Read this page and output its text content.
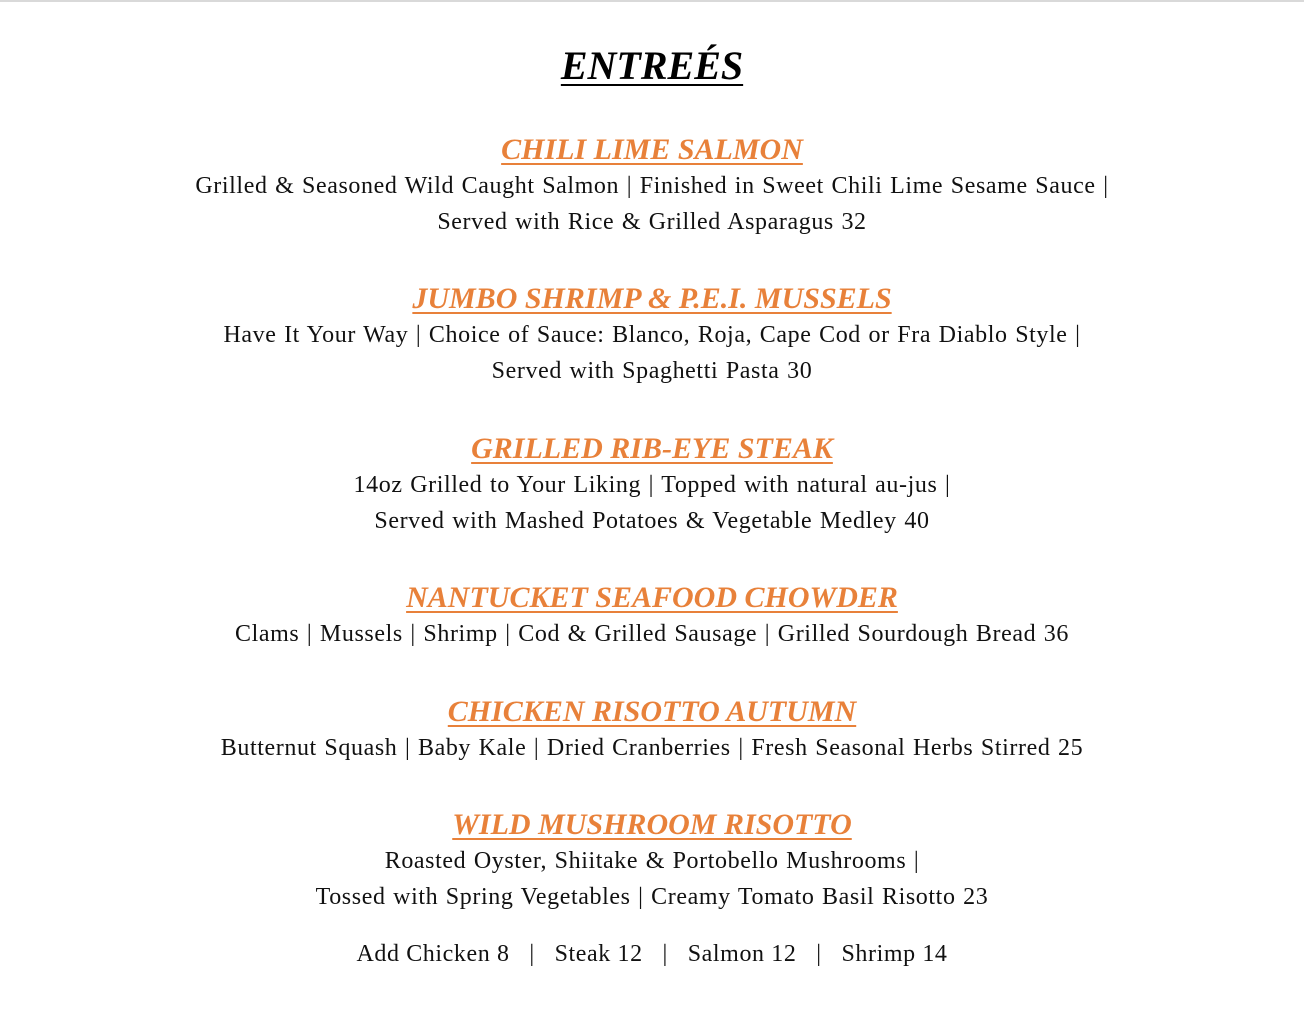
ENTREÉS
CHILI LIME SALMON
Grilled & Seasoned Wild Caught Salmon | Finished in Sweet Chili Lime Sesame Sauce |
Served with Rice & Grilled Asparagus 32
JUMBO SHRIMP & P.E.I. MUSSELS
Have It Your Way | Choice of Sauce: Blanco, Roja, Cape Cod or Fra Diablo Style |
Served with Spaghetti Pasta 30
GRILLED RIB-EYE STEAK
14oz Grilled to Your Liking | Topped with natural au-jus |
Served with Mashed Potatoes & Vegetable Medley 40
NANTUCKET SEAFOOD CHOWDER
Clams | Mussels | Shrimp | Cod & Grilled Sausage | Grilled Sourdough Bread 36
CHICKEN RISOTTO AUTUMN
Butternut Squash | Baby Kale | Dried Cranberries | Fresh Seasonal Herbs Stirred 25
WILD MUSHROOM RISOTTO
Roasted Oyster, Shiitake & Portobello Mushrooms |
Tossed with Spring Vegetables | Creamy Tomato Basil Risotto 23
Add Chicken 8   |   Steak 12   |   Salmon 12   |   Shrimp 14
